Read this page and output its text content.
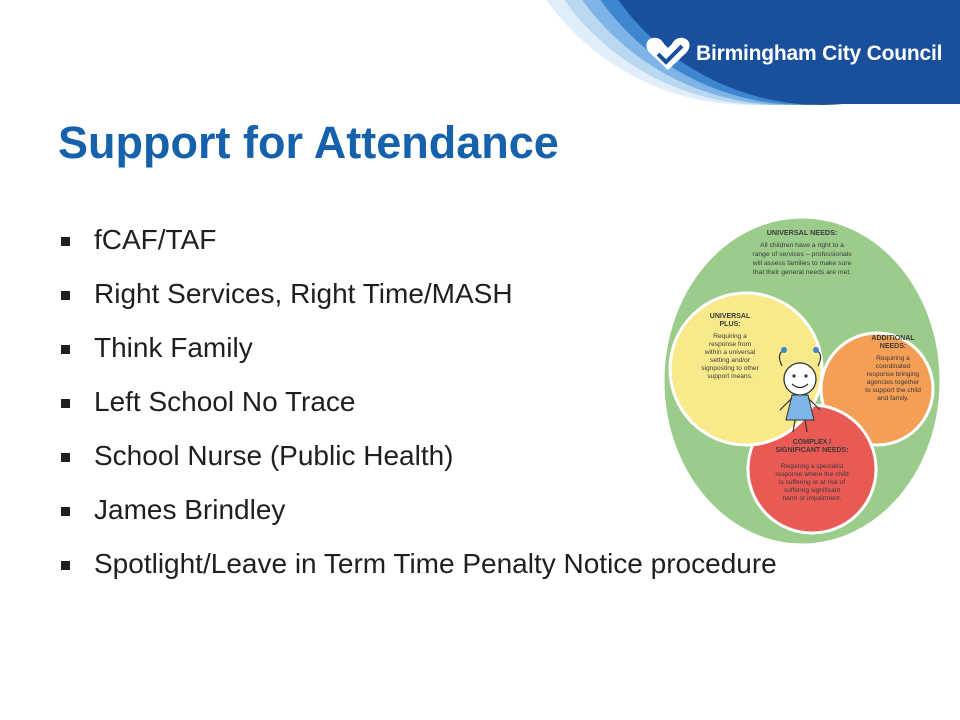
Birmingham City Council
Support for Attendance
fCAF/TAF
Right Services, Right Time/MASH
Think Family
Left School No Trace
School Nurse (Public Health)
James Brindley
Spotlight/Leave in Term Time Penalty Notice procedure
UNIVERSAL NEEDS:
All children have a right to a
range of services – professionals
will assess families to make sure
that their general needs are met.
UNIVERSAL
PLUS:
Requiring a
response from
within a universal
setting and/or
signposting to other
support means.
ADDITIONAL
NEEDS:
Requiring a
coordinated
response bringing
agencies together
to support the child
and family.
COMPLEX /
SIGNIFICANT NEEDS:
Requiring a specialist
response where the child
is suffering or at risk of
suffering significant
harm or impairment.
